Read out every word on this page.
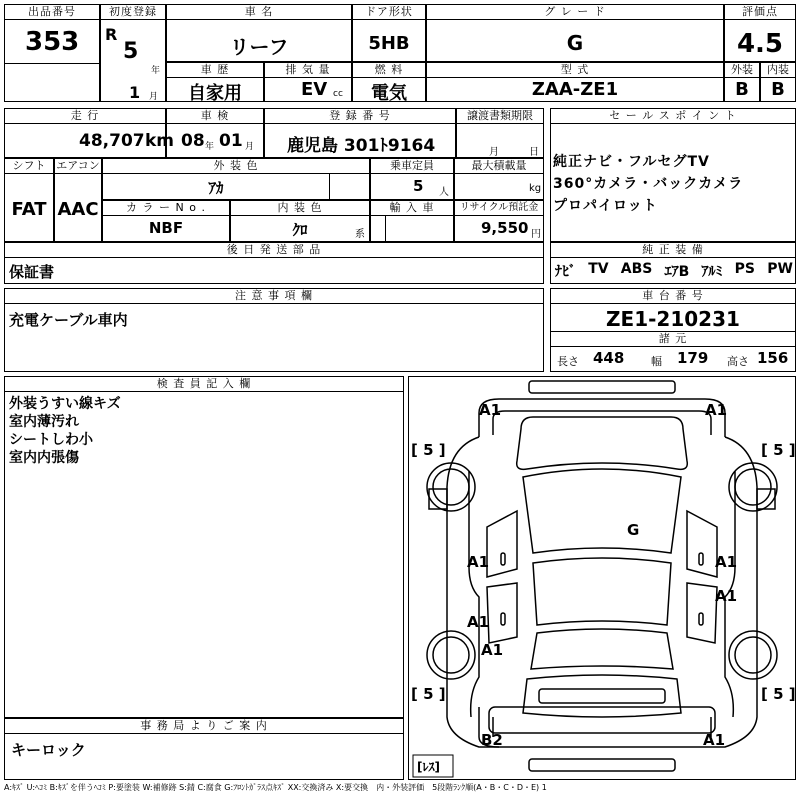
出品番号
353
初度登録
R
5
年
1 月
車 名
リーフ
ドア形状
5HB
グ レ ー ド
G
評価点
4.5
車 歴
自家用
排 気 量
EV cc
燃 料
電気
型 式
ZAA-ZE1
外装
B
内装
B
走 行
48,707 km
車 検
08 年 01 月
登 録 番 号
鹿児島 301ﾄ9164
譲渡書類期限
月	日
セ ー ル ス ポ イ ン ト
純正ナビ・フルセグTV
360°カメラ・バックカメラ
プロパイロット
シフト
FAT
エアコン
AAC
外 装 色
ｱｶ
乗車定員
5 人
最大積載量
kg
カ ラ ー N o .
NBF
内 装 色
ｸﾛ	系
輸 入 車	リサイクル預託金
9,550 円
後 日 発 送 部 品
保証書
純 正 装 備
ﾅﾋﾞ TV ABS ｴｱB ｱﾙﾐ PS PW
注 意 事 項 欄
充電ケーブル車内
車 台 番 号
ZE1-210231
諸 元
長さ 448 幅 179 高さ 156
検 査 員 記 入 欄
外装うすい線キズ
室内薄汚れ
シートしわ小
室内内張傷
事 務 局 よ り ご 案 内
キーロック
A1	A1
[ 5 ]	[ 5 ]
G
A1	A1
A1
A1
A1
[ 5 ]	[ 5 ]
B2	A1
[ﾚｽ]
A:ｷｽﾞ U:ﾍｺﾐ B:ｷｽﾞを伴うﾍｺﾐ P:要塗装 W:補修跡 S:錆 C:腐食 G:ﾌﾛﾝﾄｶﾞﾗｽ点ｷｽﾞ XX:交換済み X:要交換　内・外装評価　5段階ﾗﾝｸ順(A・B・C・D・E) 1
